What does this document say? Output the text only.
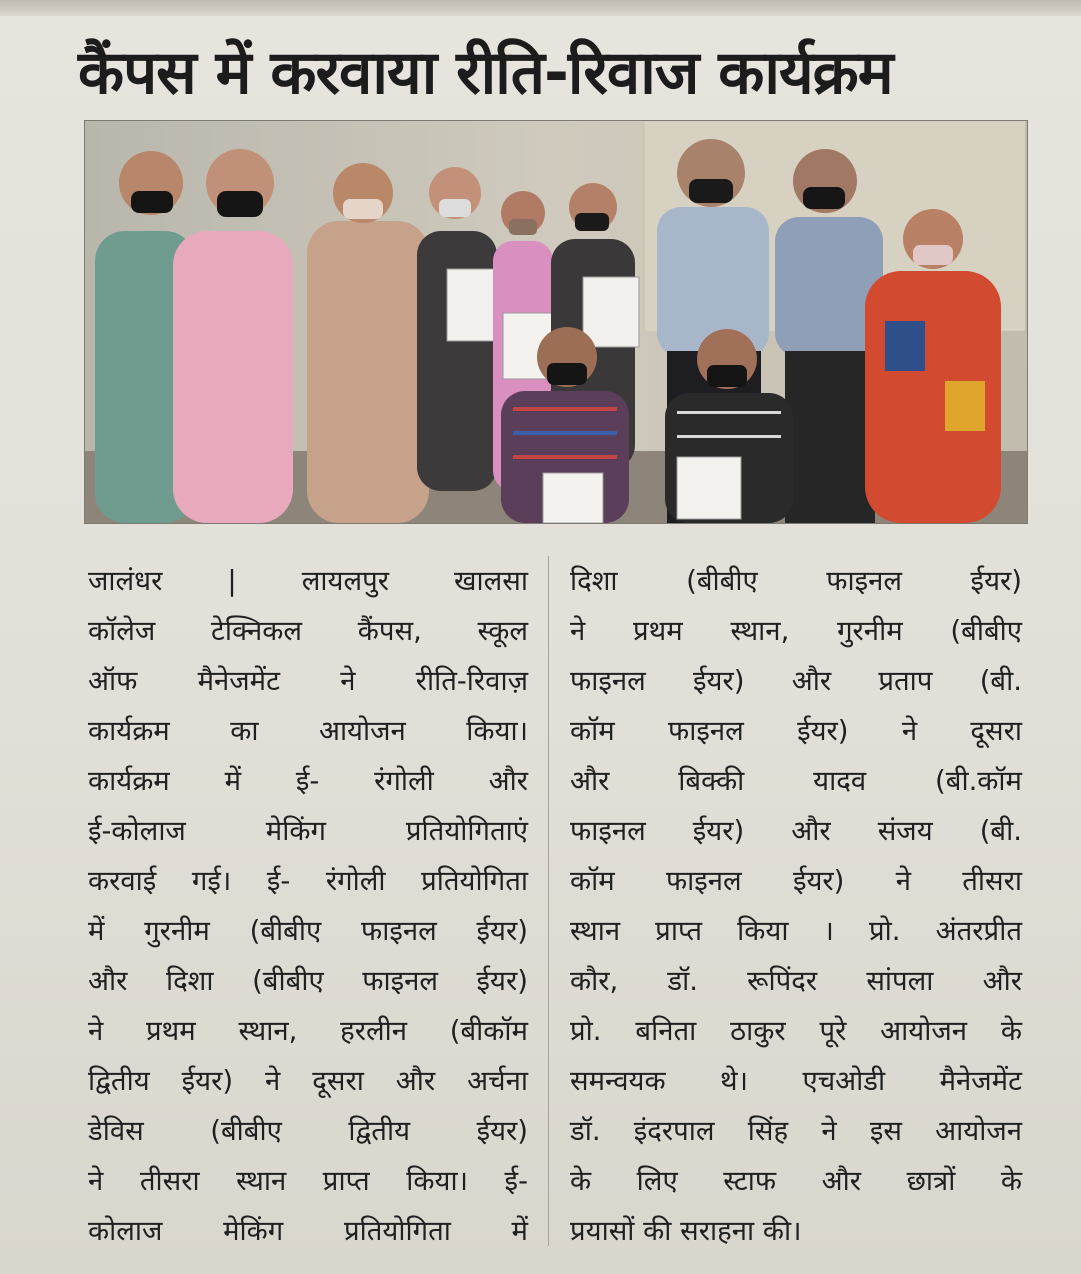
कैंपस में करवाया रीति-रिवाज कार्यक्रम

जालंधर | लायलपुर खालसा

कॉलेज टेक्निकल कैंपस, स्कूल

ऑफ मैनेजमेंट ने रीति-रिवाज़

कार्यक्रम का आयोजन किया।

कार्यक्रम में ई- रंगोली और

ई-कोलाज मेकिंग प्रतियोगिताएं

करवाई गई। ई- रंगोली प्रतियोगिता

में गुरनीम (बीबीए फाइनल ईयर)

और दिशा (बीबीए फाइनल ईयर)

ने प्रथम स्थान, हरलीन (बीकॉम

द्वितीय ईयर) ने दूसरा और अर्चना

डेविस (बीबीए द्वितीय ईयर)

ने तीसरा स्थान प्राप्त किया। ई-

कोलाज मेकिंग प्रतियोगिता में

दिशा (बीबीए फाइनल ईयर)

ने प्रथम स्थान, गुरनीम (बीबीए

फाइनल ईयर) और प्रताप (बी.

कॉम फाइनल ईयर) ने दूसरा

और बिक्की यादव (बी.कॉम

फाइनल ईयर) और संजय (बी.

कॉम फाइनल ईयर) ने तीसरा

स्थान प्राप्त किया । प्रो. अंतरप्रीत

कौर, डॉ. रूपिंदर सांपला और

प्रो. बनिता ठाकुर पूरे आयोजन के

समन्वयक थे। एचओडी मैनेजमेंट

डॉ. इंदरपाल सिंह ने इस आयोजन

के लिए स्टाफ और छात्रों के

प्रयासों की सराहना की।
